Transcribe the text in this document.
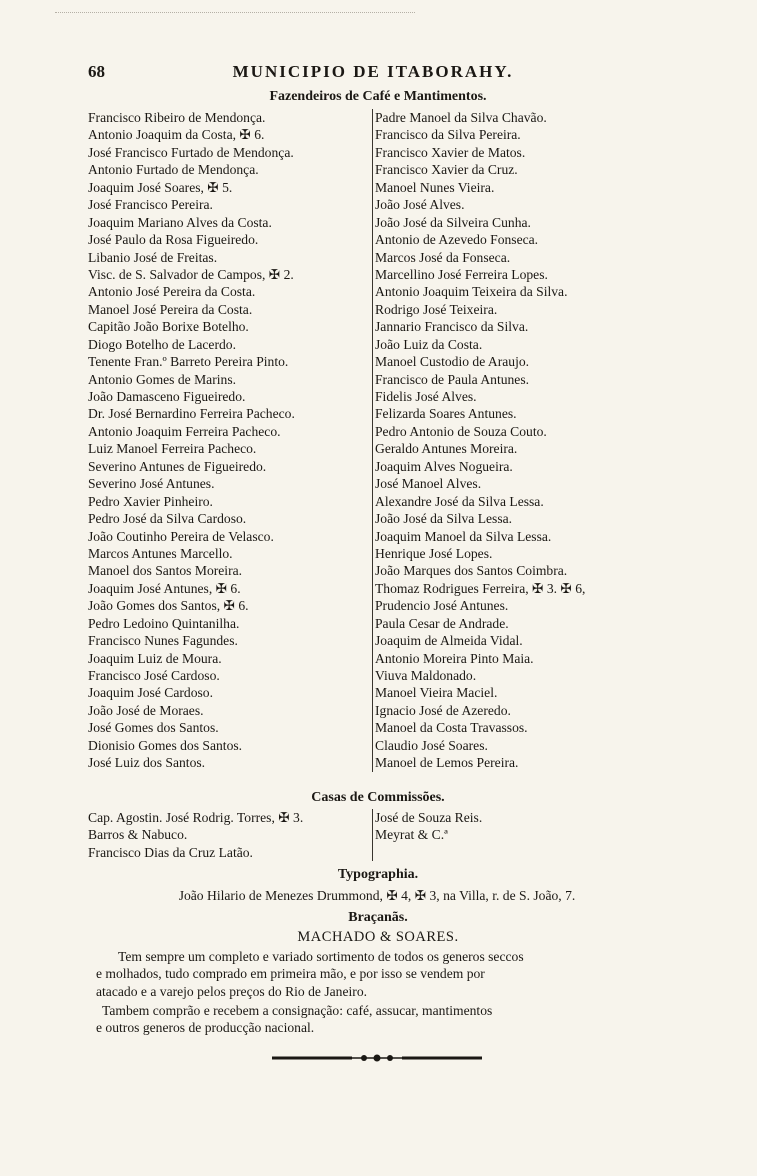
68	MUNICIPIO DE ITABORAHY.
Fazendeiros de Café e Mantimentos.
Francisco Ribeiro de Mendonça.
Antonio Joaquim da Costa, ✠ 6.
José Francisco Furtado de Mendonça.
Antonio Furtado de Mendonça.
Joaquim José Soares, ✠ 5.
José Francisco Pereira.
Joaquim Mariano Alves da Costa.
José Paulo da Rosa Figueiredo.
Libanio José de Freitas.
Visc. de S. Salvador de Campos, ✠ 2.
Antonio José Pereira da Costa.
Manoel José Pereira da Costa.
Capitão João Borixe Botelho.
Diogo Botelho de Lacerdo.
Tenente Fran.º Barreto Pereira Pinto.
Antonio Gomes de Marins.
João Damasceno Figueiredo.
Dr. José Bernardino Ferreira Pacheco.
Antonio Joaquim Ferreira Pacheco.
Luiz Manoel Ferreira Pacheco.
Severino Antunes de Figueiredo.
Severino José Antunes.
Pedro Xavier Pinheiro.
Pedro José da Silva Cardoso.
João Coutinho Pereira de Velasco.
Marcos Antunes Marcello.
Manoel dos Santos Moreira.
Joaquim José Antunes, ✠ 6.
João Gomes dos Santos, ✠ 6.
Pedro Ledoino Quintanilha.
Francisco Nunes Fagundes.
Joaquim Luiz de Moura.
Francisco José Cardoso.
Joaquim José Cardoso.
João José de Moraes.
José Gomes dos Santos.
Dionisio Gomes dos Santos.
José Luiz dos Santos.
Padre Manoel da Silva Chavão.
Francisco da Silva Pereira.
Francisco Xavier de Matos.
Francisco Xavier da Cruz.
Manoel Nunes Vieira.
João José Alves.
João José da Silveira Cunha.
Antonio de Azevedo Fonseca.
Marcos José da Fonseca.
Marcellino José Ferreira Lopes.
Antonio Joaquim Teixeira da Silva.
Rodrigo José Teixeira.
Jannario Francisco da Silva.
João Luiz da Costa.
Manoel Custodio de Araujo.
Francisco de Paula Antunes.
Fidelis José Alves.
Felizarda Soares Antunes.
Pedro Antonio de Souza Couto.
Geraldo Antunes Moreira.
Joaquim Alves Nogueira.
José Manoel Alves.
Alexandre José da Silva Lessa.
João José da Silva Lessa.
Joaquim Manoel da Silva Lessa.
Henrique José Lopes.
João Marques dos Santos Coimbra.
Thomaz Rodrigues Ferreira, ✠ 3. ✠ 6,
Prudencio José Antunes.
Paula Cesar de Andrade.
Joaquim de Almeida Vidal.
Antonio Moreira Pinto Maia.
Viuva Maldonado.
Manoel Vieira Maciel.
Ignacio José de Azeredo.
Manoel da Costa Travassos.
Claudio José Soares.
Manoel de Lemos Pereira.
Casas de Commissões.
Cap. Agostin. José Rodrig. Torres, ✠ 3.
Barros & Nabuco.
Francisco Dias da Cruz Latão.
José de Souza Reis.
Meyrat & C.ª
Typographia.
João Hilario de Menezes Drummond, ✠ 4, ✠ 3, na Villa, r. de S. João, 7.
Braçanãs.
MACHADO & SOARES.
Tem sempre um completo e variado sortimento de todos os generos seccos
e molhados, tudo comprado em primeira mão, e por isso se vendem por
atacado e a varejo pelos preços do Rio de Janeiro.
Tambem comprão e recebem a consignação: café, assucar, mantimentos
e outros generos de producção nacional.
